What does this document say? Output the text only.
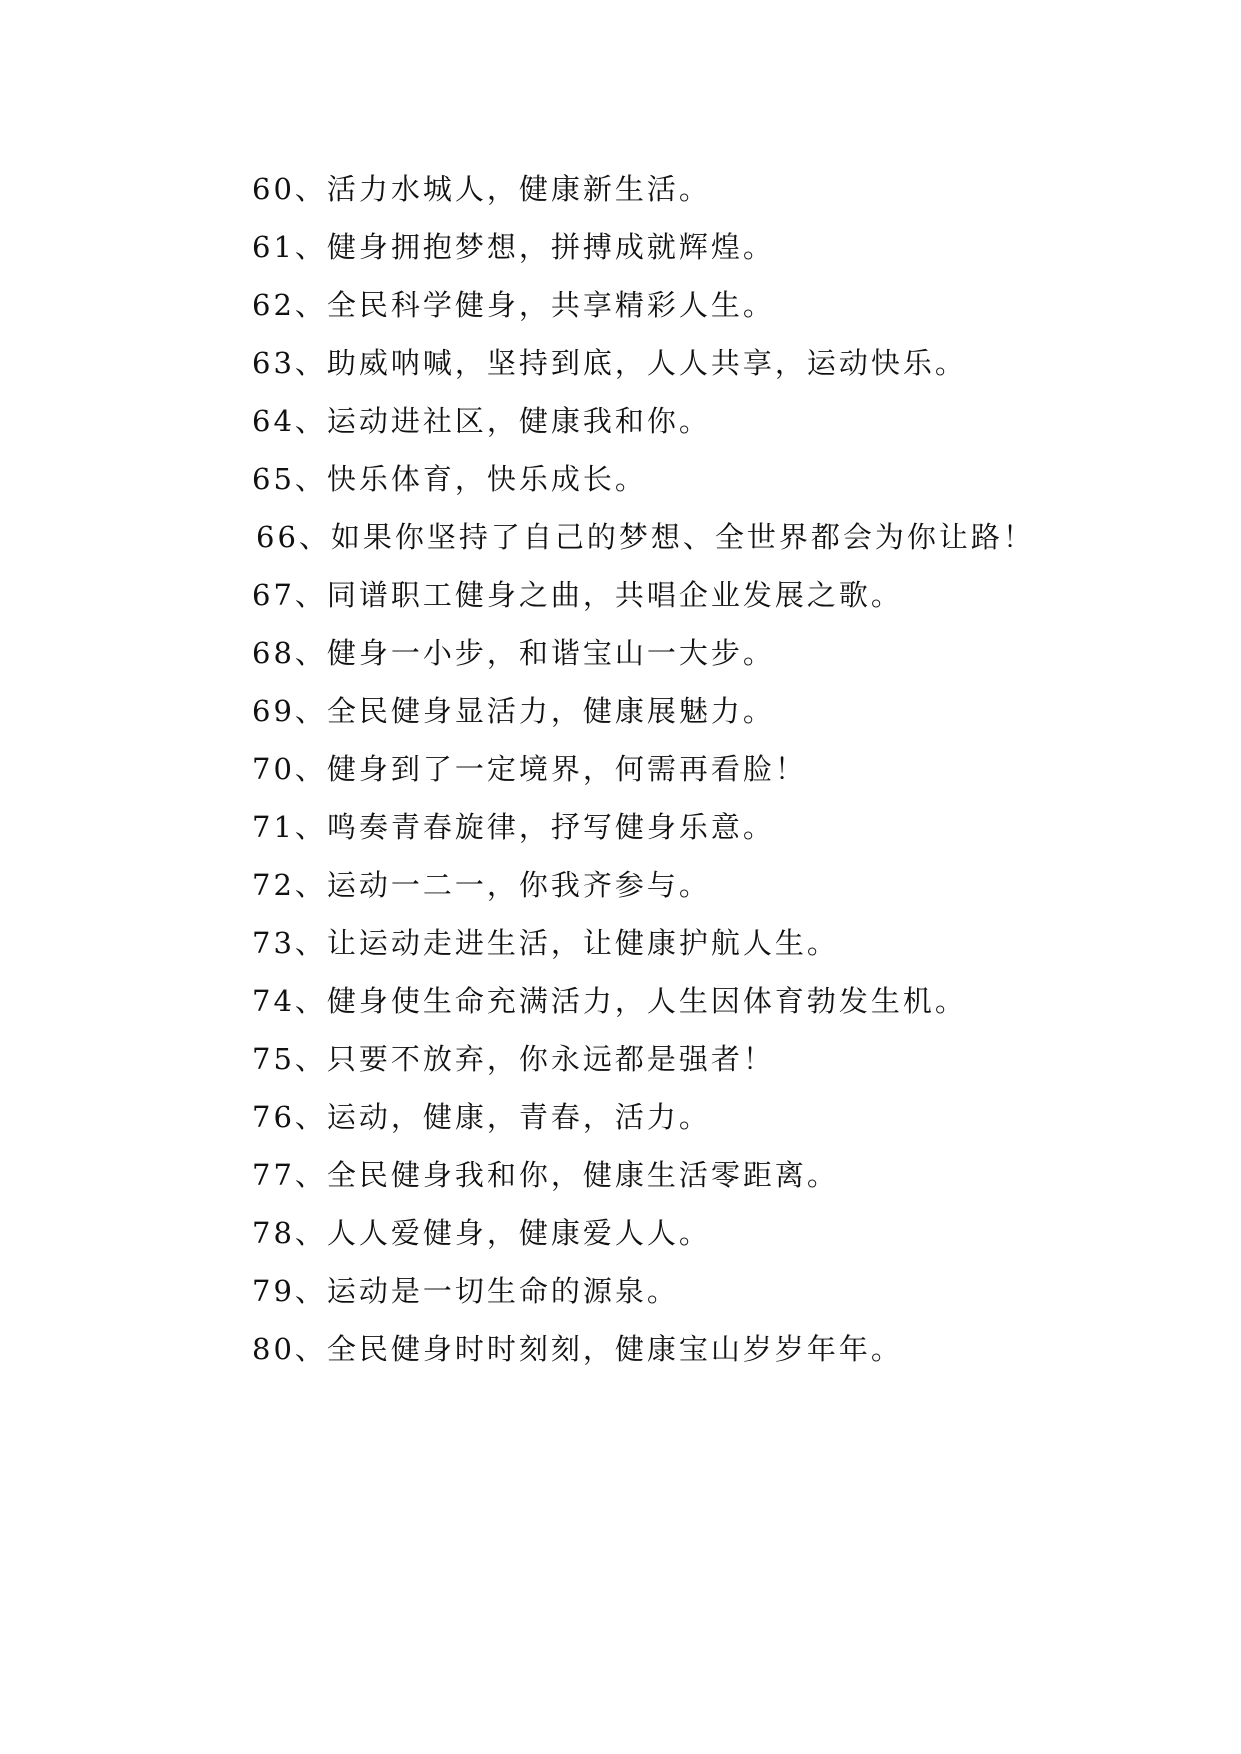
60、活力水城人，健康新生活。
61、健身拥抱梦想，拼搏成就辉煌。
62、全民科学健身，共享精彩人生。
63、助威呐喊，坚持到底，人人共享，运动快乐。
64、运动进社区，健康我和你。
65、快乐体育，快乐成长。
66、如果你坚持了自己的梦想、全世界都会为你让路！
67、同谱职工健身之曲，共唱企业发展之歌。
68、健身一小步，和谐宝山一大步。
69、全民健身显活力，健康展魅力。
70、健身到了一定境界，何需再看脸！
71、鸣奏青春旋律，抒写健身乐意。
72、运动一二一，你我齐参与。
73、让运动走进生活，让健康护航人生。
74、健身使生命充满活力，人生因体育勃发生机。
75、只要不放弃，你永远都是强者！
76、运动，健康，青春，活力。
77、全民健身我和你，健康生活零距离。
78、人人爱健身，健康爱人人。
79、运动是一切生命的源泉。
80、全民健身时时刻刻，健康宝山岁岁年年。
